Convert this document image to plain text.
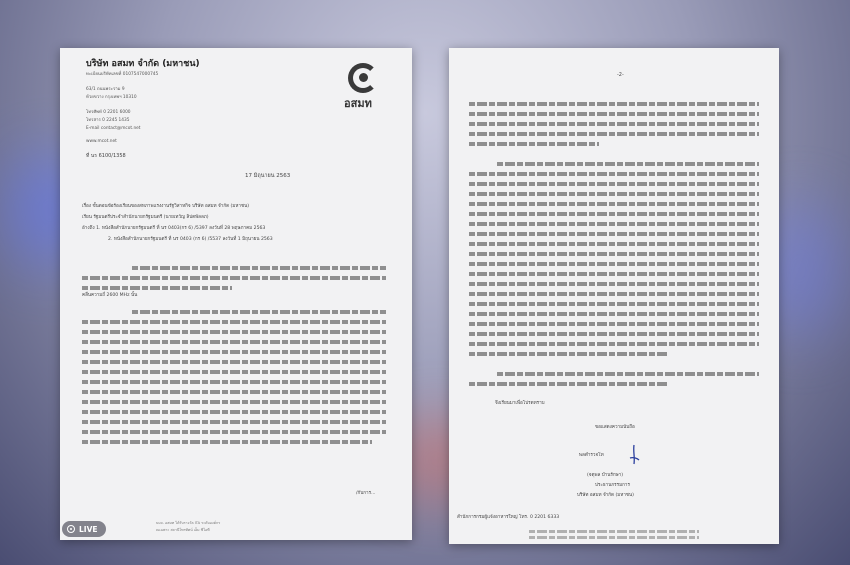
บริษัท อสมท จำกัด (มหาชน)
ทะเบียนบริษัทเลขที่ 0107547000745
63/1 ถนนพระราม 9
ห้วยขวาง กรุงเทพฯ 10310
โทรศัพท์ 0 2201 6000
โทรสาร 0 2245 1435
E-mail contact@mcot.net
www.mcot.net
ที่ นร 6100/1358
อสมท
17 มิถุนายน 2563
เรื่อง ขั้นตอนข้อร้องเรียนของสหภาพแรงงานรัฐวิสาหกิจ บริษัท อสมท จำกัด (มหาชน)
เรียน รัฐมนตรีประจำสำนักนายกรัฐมนตรี (นายเทวัญ ลิปตพัลลภ)
อ้างถึง 1. หนังสือสำนักนายกรัฐมนตรี ที่ นร 0403(กร 6) /5397 ลงวันที่ 28 พฤษภาคม 2563
2. หนังสือสำนักนายกรัฐมนตรี ที่ นร 0403 (กร 6) /5537 ลงวันที่ 1 มิถุนายน 2563
คลื่นความถี่ 2600 MHz นั้น
/กับการ...
บมจ. อสมท ได้รับรางวัล ITA ระดับองค์กร
ณเฉพาะ สถานีโทรทัศน์ เอ็ม ซีโอที
-2-
จึงเรียนมาเพื่อโปรดทราบ
ขอแสดงความนับถือ
พลตำรวจโท
(จตุพล บำนรักษา)
ประธานกรรมการ
บริษัท อสมท จำกัด (มหาชน)
สำนักการกรมผู้แจ้งอาหารใหญ่ โทร. 0 2201 6333
LIVE
